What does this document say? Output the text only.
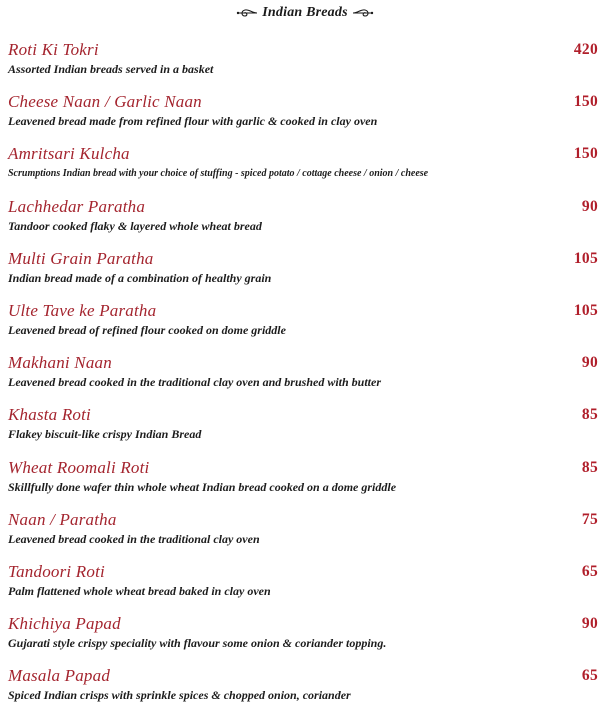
Indian Breads
Roti Ki Tokri	420
Assorted Indian breads served in a basket
Cheese Naan / Garlic Naan	150
Leavened bread made from refined flour with garlic & cooked in clay oven
Amritsari Kulcha	150
Scrumptions Indian bread with your choice of stuffing - spiced potato / cottage cheese / onion / cheese
Lachhedar Paratha	90
Tandoor cooked flaky & layered whole wheat bread
Multi Grain Paratha	105
Indian bread made of a combination of healthy grain
Ulte Tave ke Paratha	105
Leavened bread of refined flour cooked on dome griddle
Makhani Naan	90
Leavened bread cooked in the traditional clay oven and brushed with butter
Khasta Roti	85
Flakey biscuit-like crispy Indian Bread
Wheat Roomali Roti	85
Skillfully done wafer thin whole wheat Indian bread cooked on a dome griddle
Naan / Paratha	75
Leavened bread cooked in the traditional clay oven
Tandoori Roti	65
Palm flattened whole wheat bread baked in clay oven
Khichiya Papad	90
Gujarati style crispy speciality with flavour some onion & coriander topping.
Masala Papad	65
Spiced Indian crisps with sprinkle spices & chopped onion, coriander
